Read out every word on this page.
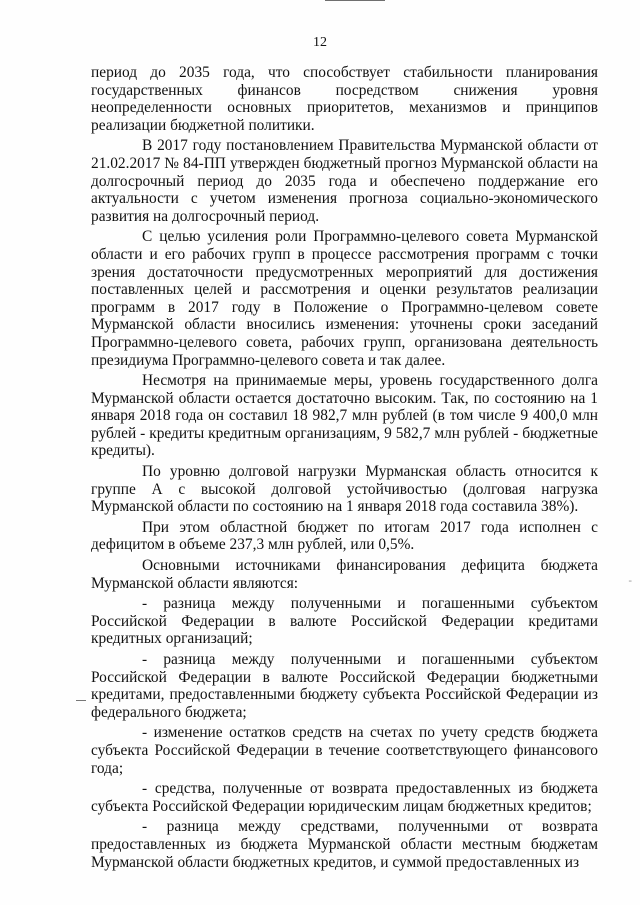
12

период до 2035 года, что способствует стабильности планирования государственных финансов посредством снижения уровня неопределенности основных приоритетов, механизмов и принципов реализации бюджетной политики.

В 2017 году постановлением Правительства Мурманской области от 21.02.2017 № 84-ПП утвержден бюджетный прогноз Мурманской области на долгосрочный период до 2035 года и обеспечено поддержание его актуальности с учетом изменения прогноза социально-экономического развития на долгосрочный период.

С целью усиления роли Программно-целевого совета Мурманской области и его рабочих групп в процессе рассмотрения программ с точки зрения достаточности предусмотренных мероприятий для достижения поставленных целей и рассмотрения и оценки результатов реализации программ в 2017 году в Положение о Программно-целевом совете Мурманской области вносились изменения: уточнены сроки заседаний Программно-целевого совета, рабочих групп, организована деятельность президиума Программно-целевого совета и так далее.

Несмотря на принимаемые меры, уровень государственного долга Мурманской области остается достаточно высоким. Так, по состоянию на 1 января 2018 года он составил 18 982,7 млн рублей (в том числе 9 400,0 млн рублей - кредиты кредитным организациям, 9 582,7 млн рублей - бюджетные кредиты).

По уровню долговой нагрузки Мурманская область относится к группе А с высокой долговой устойчивостью (долговая нагрузка Мурманской области по состоянию на 1 января 2018 года составила 38%).

При этом областной бюджет по итогам 2017 года исполнен с дефицитом в объеме 237,3 млн рублей, или 0,5%.

Основными источниками финансирования дефицита бюджета Мурманской области являются:

- разница между полученными и погашенными субъектом Российской Федерации в валюте Российской Федерации кредитами кредитных организаций;

- разница между полученными и погашенными субъектом Российской Федерации в валюте Российской Федерации бюджетными кредитами, предоставленными бюджету субъекта Российской Федерации из федерального бюджета;

- изменение остатков средств на счетах по учету средств бюджета субъекта Российской Федерации в течение соответствующего финансового года;

- средства, полученные от возврата предоставленных из бюджета субъекта Российской Федерации юридическим лицам бюджетных кредитов;

- разница между средствами, полученными от возврата предоставленных из бюджета Мурманской области местным бюджетам Мурманской области бюджетных кредитов, и суммой предоставленных из

-
